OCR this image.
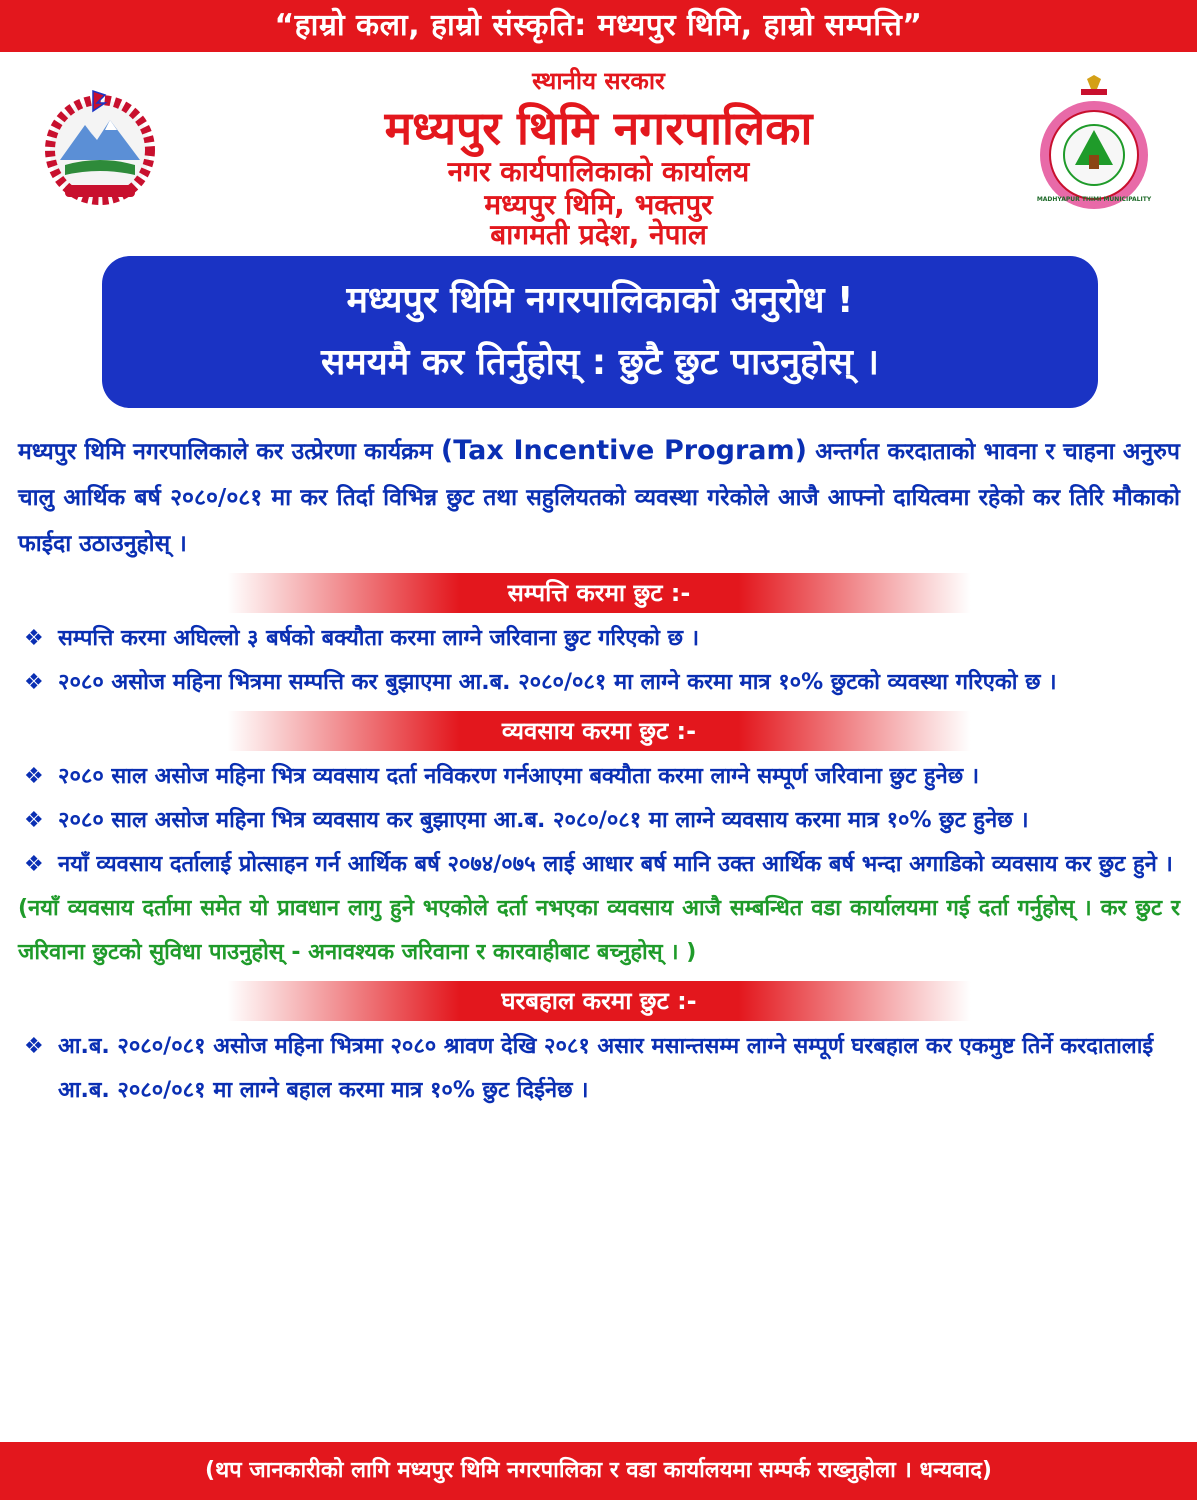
“हाम्रो कला, हाम्रो संस्कृति: मध्यपुर थिमि, हाम्रो सम्पत्ति”
स्थानीय सरकार
मध्यपुर थिमि नगरपालिका
नगर कार्यपालिकाको कार्यालय
मध्यपुर थिमि, भक्तपुर
बागमती प्रदेश, नेपाल
MADHYAPUR THIMI MUNICIPALITY
मध्यपुर थिमि नगरपालिकाको अनुरोध !
समयमै कर तिर्नुहोस् : छुटै छुट पाउनुहोस् ।

मध्यपुर थिमि नगरपालिकाले कर उत्प्रेरणा कार्यक्रम (Tax Incentive Program) अन्तर्गत करदाताको भावना र चाहना अनुरुप चालु आर्थिक बर्ष २०८०/०८१ मा कर तिर्दा विभिन्न छुट तथा सहुलियतको व्यवस्था गरेकोले आजै आफ्नो दायित्वमा रहेको कर तिरि मौकाको फाईदा उठाउनुहोस् ।

सम्पत्ति करमा छुट :-
❖ सम्पत्ति करमा अघिल्लो ३ बर्षको बक्यौता करमा लाग्ने जरिवाना छुट गरिएको छ ।
❖ २०८० असोज महिना भित्रमा सम्पत्ति कर बुझाएमा आ.ब. २०८०/०८१ मा लाग्ने करमा मात्र १०% छुटको व्यवस्था गरिएको छ ।
व्यवसाय करमा छुट :-
❖ २०८० साल असोज महिना भित्र व्यवसाय दर्ता नविकरण गर्नआएमा बक्यौता करमा लाग्ने सम्पूर्ण जरिवाना छुट हुनेछ ।
❖ २०८० साल असोज महिना भित्र व्यवसाय कर बुझाएमा आ.ब. २०८०/०८१ मा लाग्ने व्यवसाय करमा मात्र १०% छुट हुनेछ ।
❖ नयाँ व्यवसाय दर्तालाई प्रोत्साहन गर्न आर्थिक बर्ष २०७४/०७५ लाई आधार बर्ष मानि उक्त आर्थिक बर्ष भन्दा अगाडिको व्यवसाय कर छुट हुने ।
(नयाँ व्यवसाय दर्तामा समेत यो प्रावधान लागु हुने भएकोले दर्ता नभएका व्यवसाय आजै सम्बन्धित वडा कार्यालयमा गई दर्ता गर्नुहोस् । कर छुट र जरिवाना छुटको सुविधा पाउनुहोस् - अनावश्यक जरिवाना र कारवाहीबाट बच्नुहोस् । )
घरबहाल करमा छुट :-
❖ आ.ब. २०८०/०८१ असोज महिना भित्रमा २०८० श्रावण देखि २०८१ असार मसान्तसम्म लाग्ने सम्पूर्ण घरबहाल कर एकमुष्ट तिर्ने करदातालाई आ.ब. २०८०/०८१ मा लाग्ने बहाल करमा मात्र १०% छुट दिईनेछ ।
(थप जानकारीको लागि मध्यपुर थिमि नगरपालिका र वडा कार्यालयमा सम्पर्क राख्नुहोला । धन्यवाद)
